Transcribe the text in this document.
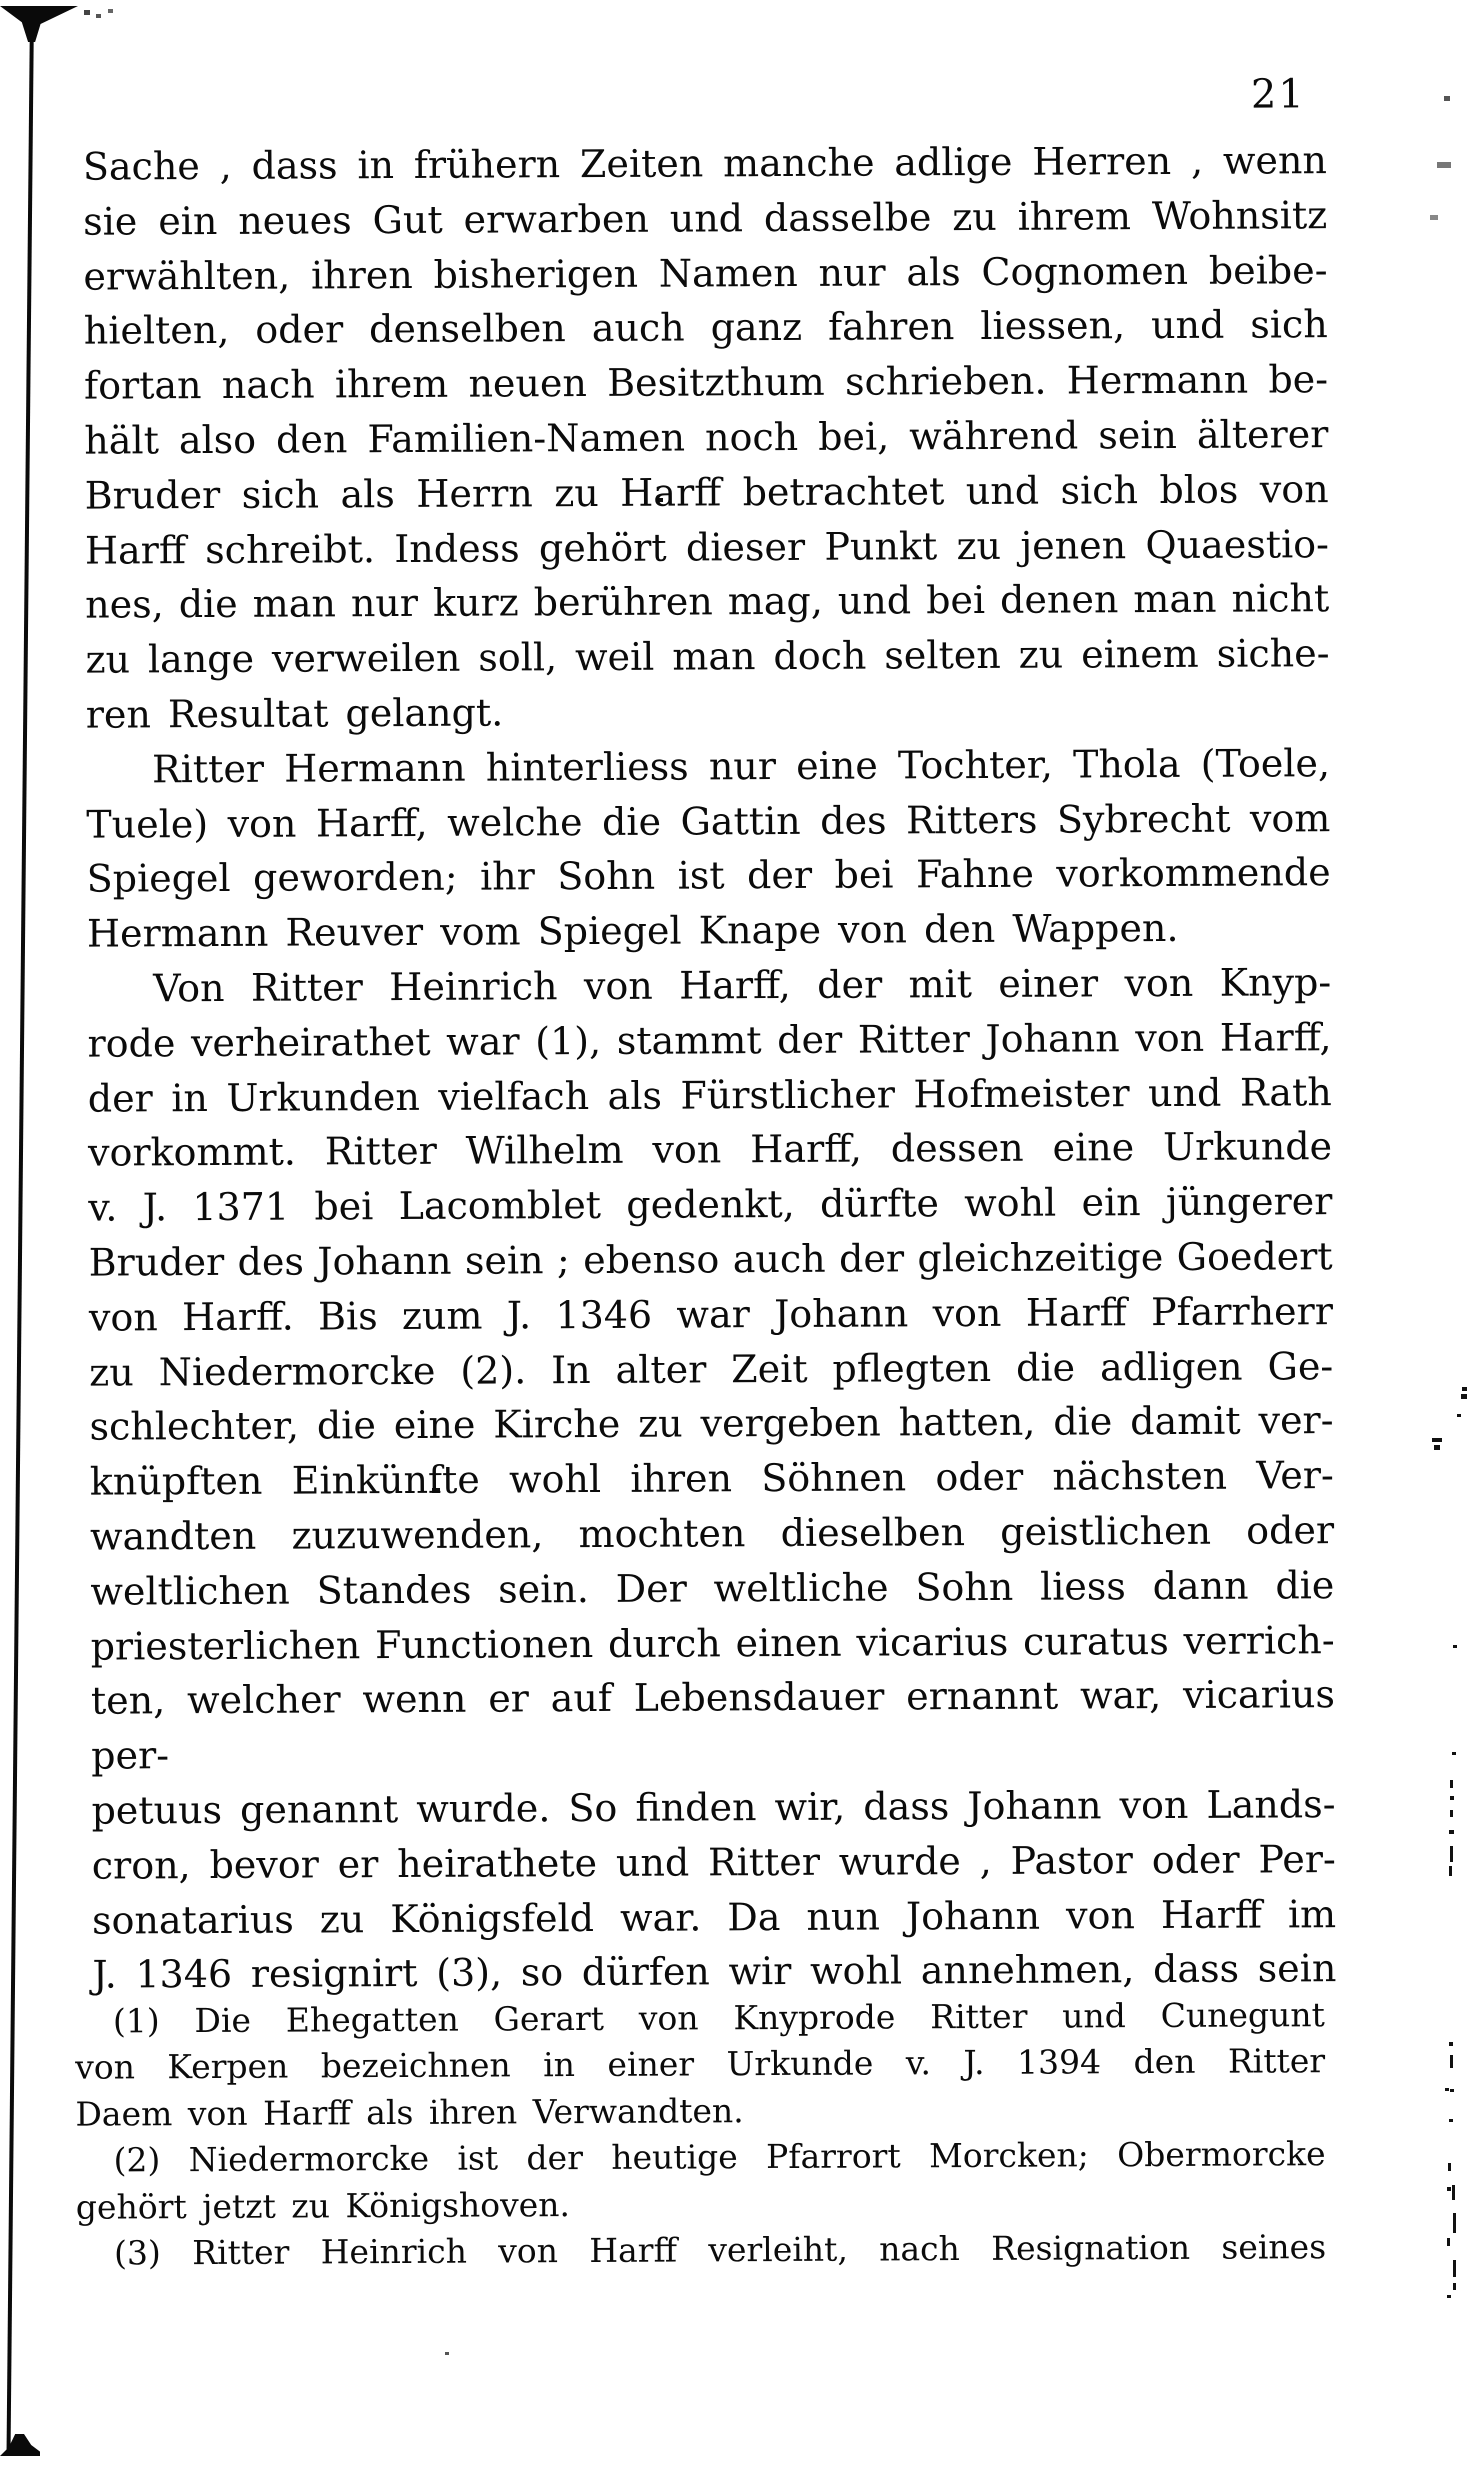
21
Sache , dass in frühern Zeiten manche adlige Herren , wenn
sie ein neues Gut erwarben und dasselbe zu ihrem Wohnsitz
erwählten, ihren bisherigen Namen nur als Cognomen beibe-
hielten, oder denselben auch ganz fahren liessen, und sich
fortan nach ihrem neuen Besitzthum schrieben. Hermann be-
hält also den Familien-Namen noch bei, während sein älterer
Bruder sich als Herrn zu Harff betrachtet und sich blos von
Harff schreibt. Indess gehört dieser Punkt zu jenen Quaestio-
nes, die man nur kurz berühren mag, und bei denen man nicht
zu lange verweilen soll, weil man doch selten zu einem siche-
ren Resultat gelangt.
Ritter Hermann hinterliess nur eine Tochter, Thola (Toele,
Tuele) von Harff, welche die Gattin des Ritters Sybrecht vom
Spiegel geworden; ihr Sohn ist der bei Fahne vorkommende
Hermann Reuver vom Spiegel Knape von den Wappen.
Von Ritter Heinrich von Harff, der mit einer von Knyp-
rode verheirathet war (1), stammt der Ritter Johann von Harff,
der in Urkunden vielfach als Fürstlicher Hofmeister und Rath
vorkommt. Ritter Wilhelm von Harff, dessen eine Urkunde
v. J. 1371 bei Lacomblet gedenkt, dürfte wohl ein jüngerer
Bruder des Johann sein ; ebenso auch der gleichzeitige Goedert
von Harff. Bis zum J. 1346 war Johann von Harff Pfarrherr
zu Niedermorcke (2). In alter Zeit pflegten die adligen Ge-
schlechter, die eine Kirche zu vergeben hatten, die damit ver-
knüpften Einkünfte wohl ihren Söhnen oder nächsten Ver-
wandten zuzuwenden, mochten dieselben geistlichen oder
weltlichen Standes sein. Der weltliche Sohn liess dann die
priesterlichen Functionen durch einen vicarius curatus verrich-
ten, welcher wenn er auf Lebensdauer ernannt war, vicarius per-
petuus genannt wurde. So finden wir, dass Johann von Lands-
cron, bevor er heirathete und Ritter wurde , Pastor oder Per-
sonatarius zu Königsfeld war. Da nun Johann von Harff im
J. 1346 resignirt (3), so dürfen wir wohl annehmen, dass sein
(1) Die Ehegatten Gerart von Knyprode Ritter und Cunegunt
von Kerpen bezeichnen in einer Urkunde v. J. 1394 den Ritter
Daem von Harff als ihren Verwandten.
(2) Niedermorcke ist der heutige Pfarrort Morcken; Obermorcke
gehört jetzt zu Königshoven.
(3) Ritter Heinrich von Harff verleiht, nach Resignation seines
